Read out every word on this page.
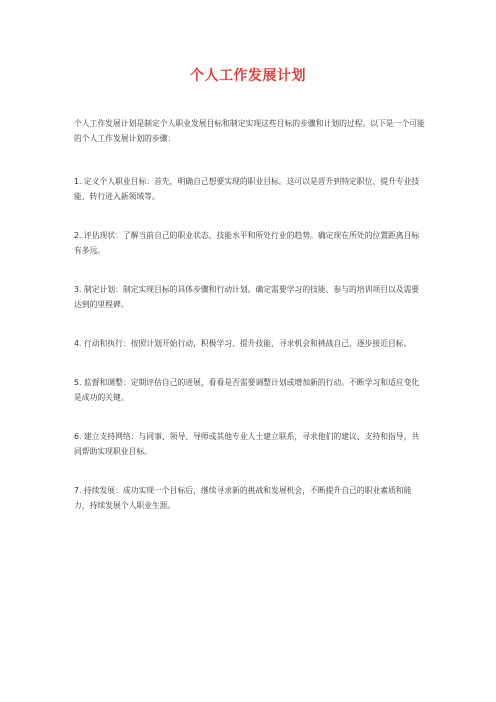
个人工作发展计划

个人工作发展计划是制定个人职业发展目标和制定实现这些目标的步骤和计划的过程。以下是一个可能的个人工作发展计划的步骤：

1. 定义个人职业目标：首先，明确自己想要实现的职业目标。这可以是晋升到特定职位、提升专业技能、转行进入新领域等。

2. 评估现状：了解当前自己的职业状态、技能水平和所处行业的趋势。确定现在所处的位置距离目标有多远。

3. 制定计划：制定实现目标的具体步骤和行动计划。确定需要学习的技能、参与的培训项目以及需要达到的里程碑。

4. 行动和执行：按照计划开始行动，积极学习、提升技能、寻求机会和挑战自己，逐步接近目标。

5. 监督和调整：定期评估自己的进展，看看是否需要调整计划或增加新的行动。不断学习和适应变化是成功的关键。

6. 建立支持网络：与同事、领导、导师或其他专业人士建立联系，寻求他们的建议、支持和指导，共同帮助实现职业目标。

7. 持续发展：成功实现一个目标后，继续寻求新的挑战和发展机会，不断提升自己的职业素质和能力，持续发展个人职业生涯。
